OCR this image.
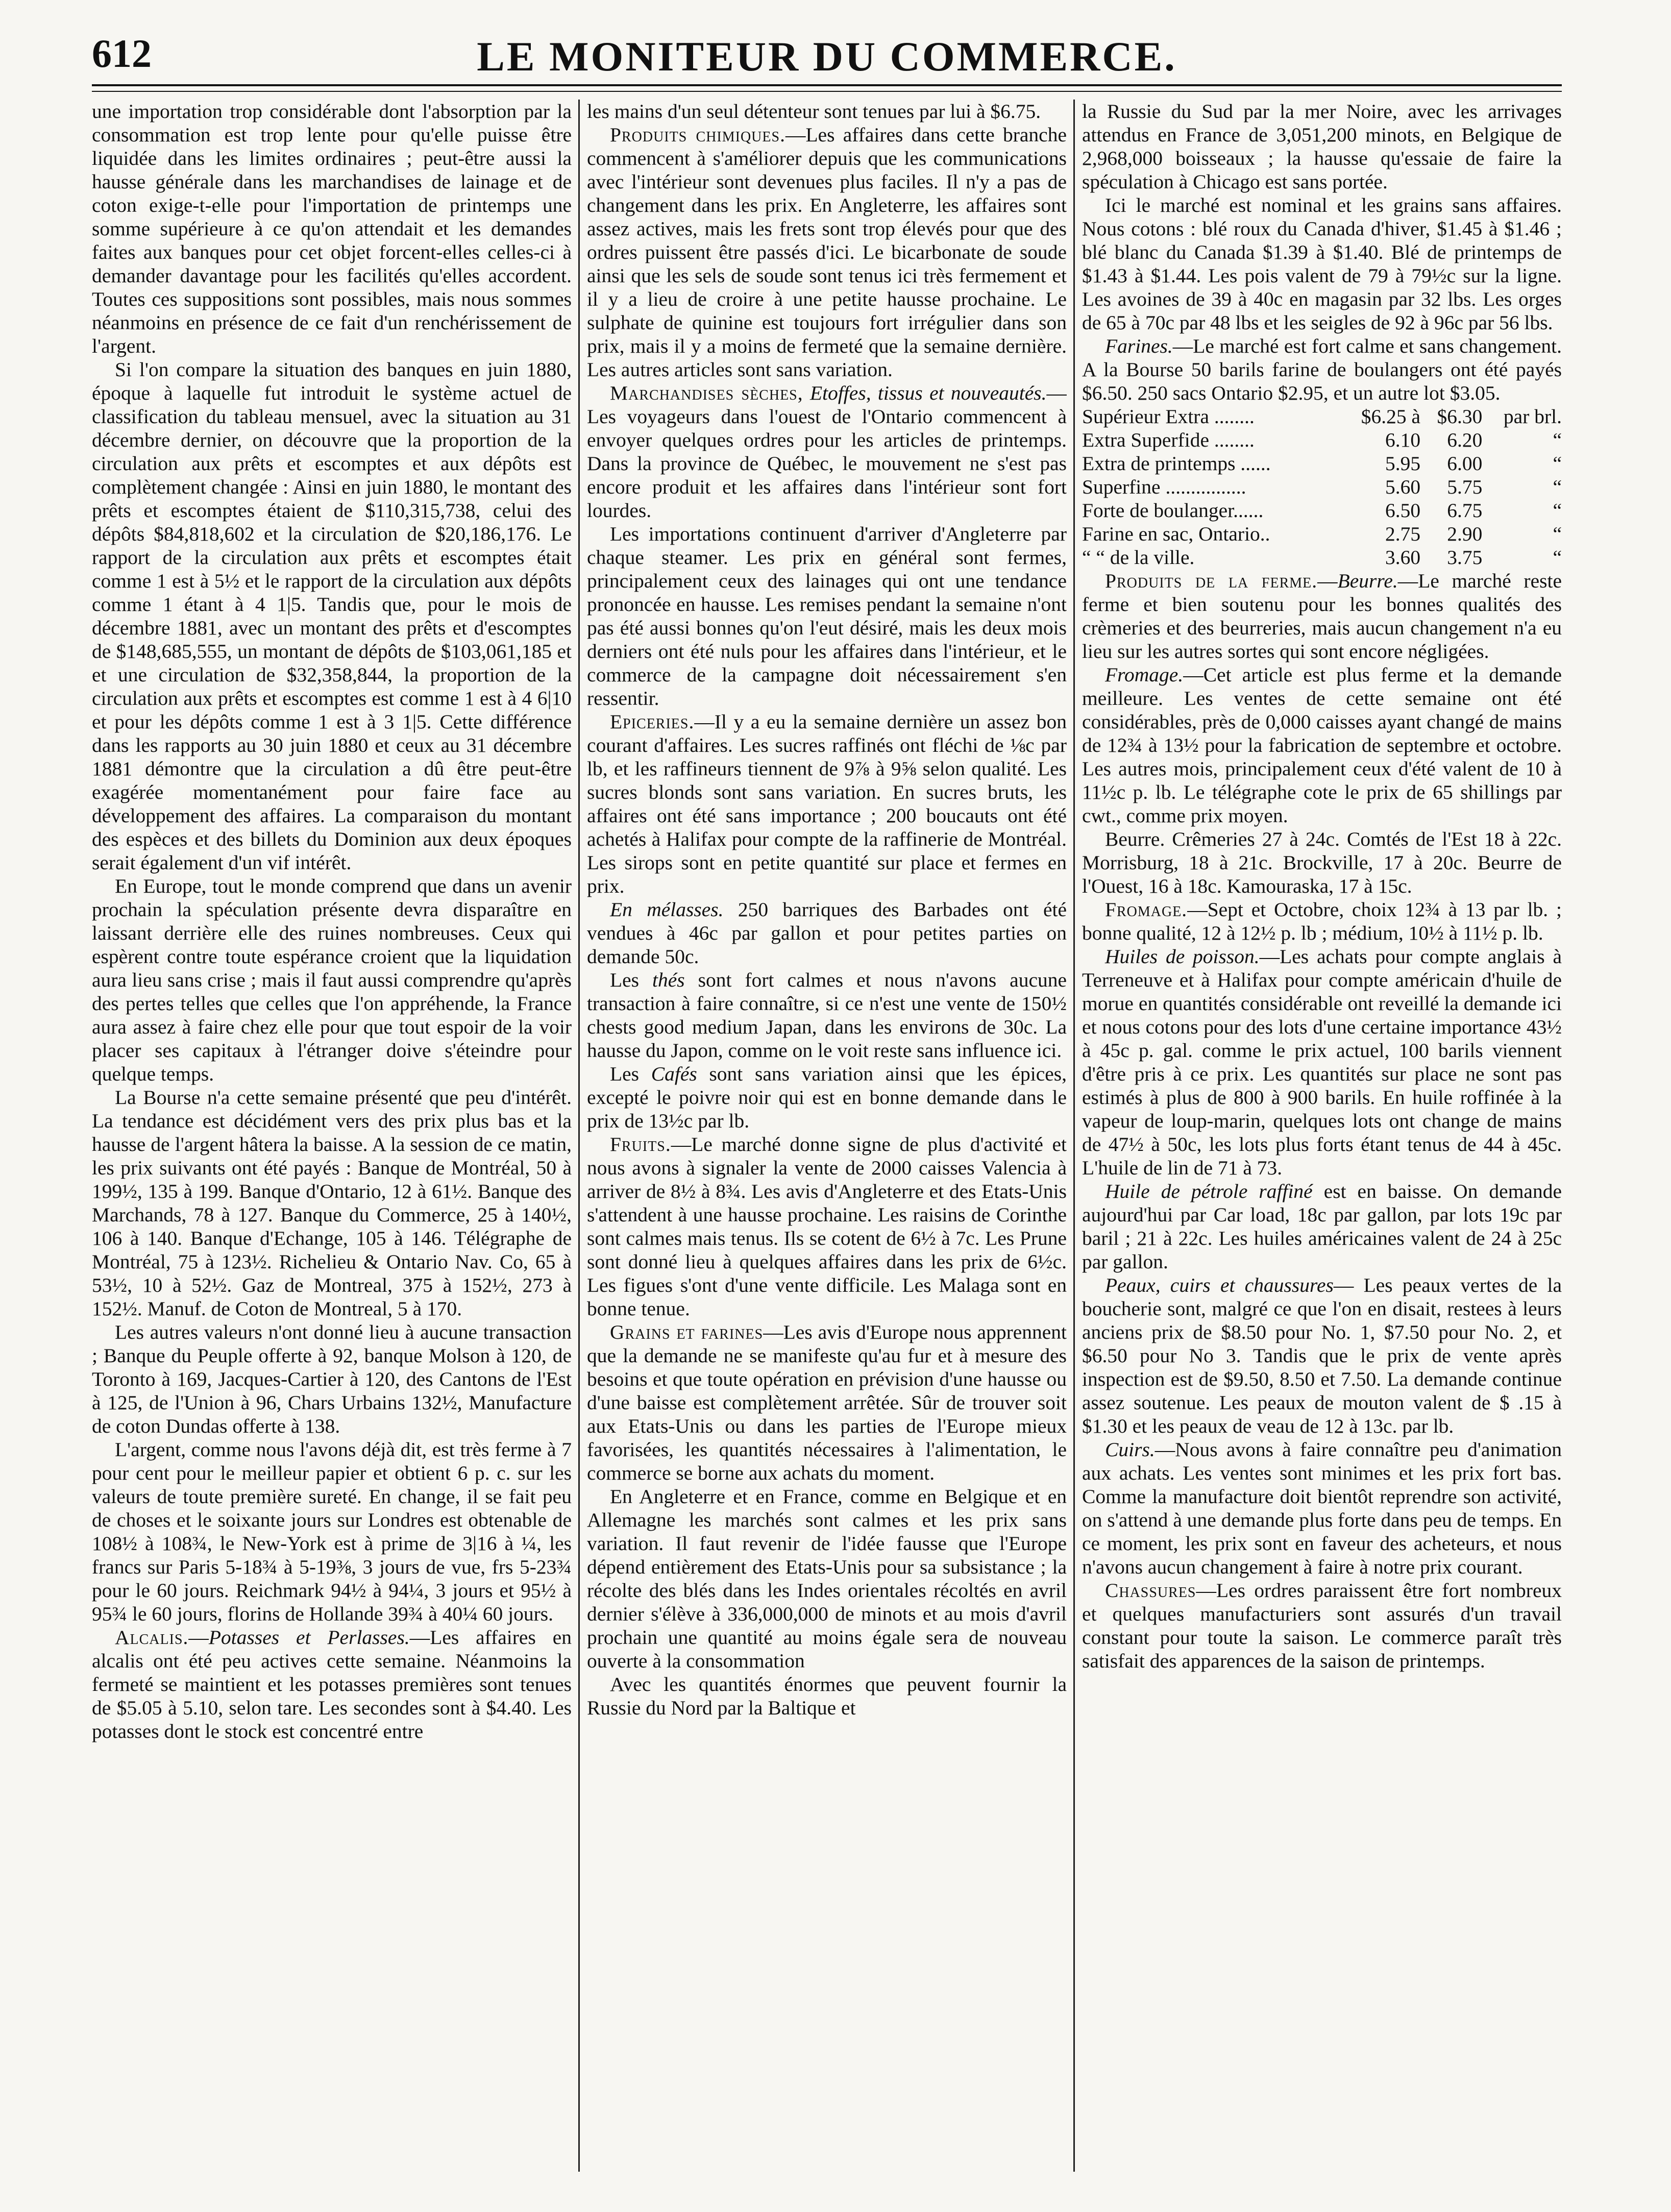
612	LE MONITEUR DU COMMERCE.

une importation trop considérable dont l'absorption par la consommation est trop lente pour qu'elle puisse être liquidée dans les limites ordinaires ; peut-être aussi la hausse générale dans les marchandises de lainage et de coton exige-t-elle pour l'importation de printemps une somme supérieure à ce qu'on attendait et les demandes faites aux banques pour cet objet forcent-elles celles-ci à demander davantage pour les facilités qu'elles accordent. Toutes ces suppositions sont possibles, mais nous sommes néanmoins en présence de ce fait d'un renchérissement de l'argent.

Si l'on compare la situation des banques en juin 1880, époque à laquelle fut introduit le système actuel de classification du tableau mensuel, avec la situation au 31 décembre dernier, on découvre que la proportion de la circulation aux prêts et escomptes et aux dépôts est complètement changée : Ainsi en juin 1880, le montant des prêts et escomptes étaient de $110,315,738, celui des dépôts $84,818,602 et la circulation de $20,186,176. Le rapport de la circulation aux prêts et escomptes était comme 1 est à 5½ et le rapport de la circulation aux dépôts comme 1 étant à 4 1|5. Tandis que, pour le mois de décembre 1881, avec un montant des prêts et d'escomptes de $148,685,555, un montant de dépôts de $103,061,185 et et une circulation de $32,358,844, la proportion de la circulation aux prêts et escomptes est comme 1 est à 4 6|10 et pour les dépôts comme 1 est à 3 1|5. Cette différence dans les rapports au 30 juin 1880 et ceux au 31 décembre 1881 démontre que la circulation a dû être peut-être exagérée momentanément pour faire face au développement des affaires. La comparaison du montant des espèces et des billets du Dominion aux deux époques serait également d'un vif intérêt.

En Europe, tout le monde comprend que dans un avenir prochain la spéculation présente devra disparaître en laissant derrière elle des ruines nombreuses. Ceux qui espèrent contre toute espérance croient que la liquidation aura lieu sans crise ; mais il faut aussi comprendre qu'après des pertes telles que celles que l'on appréhende, la France aura assez à faire chez elle pour que tout espoir de la voir placer ses capitaux à l'étranger doive s'éteindre pour quelque temps.

La Bourse n'a cette semaine présenté que peu d'intérêt. La tendance est décidément vers des prix plus bas et la hausse de l'argent hâtera la baisse. A la session de ce matin, les prix suivants ont été payés : Banque de Montréal, 50 à 199½, 135 à 199. Banque d'Ontario, 12 à 61½. Banque des Marchands, 78 à 127. Banque du Commerce, 25 à 140½, 106 à 140. Banque d'Echange, 105 à 146. Télégraphe de Montréal, 75 à 123½. Richelieu & Ontario Nav. Co, 65 à 53½, 10 à 52½. Gaz de Montreal, 375 à 152½, 273 à 152½. Manuf. de Coton de Montreal, 5 à 170.

Les autres valeurs n'ont donné lieu à aucune transaction ; Banque du Peuple offerte à 92, banque Molson à 120, de Toronto à 169, Jacques-Cartier à 120, des Cantons de l'Est à 125, de l'Union à 96, Chars Urbains 132½, Manufacture de coton Dundas offerte à 138.

L'argent, comme nous l'avons déjà dit, est très ferme à 7 pour cent pour le meilleur papier et obtient 6 p. c. sur les valeurs de toute première sureté. En change, il se fait peu de choses et le soixante jours sur Londres est obtenable de 108½ à 108¾, le New-York est à prime de 3|16 à ¼, les francs sur Paris 5-18¾ à 5-19⅜, 3 jours de vue, frs 5-23¾ pour le 60 jours. Reichmark 94½ à 94¼, 3 jours et 95½ à 95¾ le 60 jours, florins de Hollande 39¾ à 40¼ 60 jours.

Alcalis.—Potasses et Perlasses.—Les affaires en alcalis ont été peu actives cette semaine. Néanmoins la fermeté se maintient et les potasses premières sont tenues de $5.05 à 5.10, selon tare. Les secondes sont à $4.40. Les potasses dont le stock est concentré entre

les mains d'un seul détenteur sont tenues par lui à $6.75.

Produits chimiques.—Les affaires dans cette branche commencent à s'améliorer depuis que les communications avec l'intérieur sont devenues plus faciles. Il n'y a pas de changement dans les prix. En Angleterre, les affaires sont assez actives, mais les frets sont trop élevés pour que des ordres puissent être passés d'ici. Le bicarbonate de soude ainsi que les sels de soude sont tenus ici très fermement et il y a lieu de croire à une petite hausse prochaine. Le sulphate de quinine est toujours fort irrégulier dans son prix, mais il y a moins de fermeté que la semaine dernière. Les autres articles sont sans variation.

Marchandises sèches, Etoffes, tissus et nouveautés.—Les voyageurs dans l'ouest de l'Ontario commencent à envoyer quelques ordres pour les articles de printemps. Dans la province de Québec, le mouvement ne s'est pas encore produit et les affaires dans l'intérieur sont fort lourdes.

Les importations continuent d'arriver d'Angleterre par chaque steamer. Les prix en général sont fermes, principalement ceux des lainages qui ont une tendance prononcée en hausse. Les remises pendant la semaine n'ont pas été aussi bonnes qu'on l'eut désiré, mais les deux mois derniers ont été nuls pour les affaires dans l'intérieur, et le commerce de la campagne doit nécessairement s'en ressentir.

Epiceries.—Il y a eu la semaine dernière un assez bon courant d'affaires. Les sucres raffinés ont fléchi de ⅛c par lb, et les raffineurs tiennent de 9⅞ à 9⅝ selon qualité. Les sucres blonds sont sans variation. En sucres bruts, les affaires ont été sans importance ; 200 boucauts ont été achetés à Halifax pour compte de la raffinerie de Montréal. Les sirops sont en petite quantité sur place et fermes en prix.

En mélasses. 250 barriques des Barbades ont été vendues à 46c par gallon et pour petites parties on demande 50c.

Les thés sont fort calmes et nous n'avons aucune transaction à faire connaître, si ce n'est une vente de 150½ chests good medium Japan, dans les environs de 30c. La hausse du Japon, comme on le voit reste sans influence ici.

Les Cafés sont sans variation ainsi que les épices, excepté le poivre noir qui est en bonne demande dans le prix de 13½c par lb.

Fruits.—Le marché donne signe de plus d'activité et nous avons à signaler la vente de 2000 caisses Valencia à arriver de 8½ à 8¾. Les avis d'Angleterre et des Etats-Unis s'attendent à une hausse prochaine. Les raisins de Corinthe sont calmes mais tenus. Ils se cotent de 6½ à 7c. Les Prune sont donné lieu à quelques affaires dans les prix de 6½c. Les figues s'ont d'une vente difficile. Les Malaga sont en bonne tenue.

Grains et farines—Les avis d'Europe nous apprennent que la demande ne se manifeste qu'au fur et à mesure des besoins et que toute opération en prévision d'une hausse ou d'une baisse est complètement arrêtée. Sûr de trouver soit aux Etats-Unis ou dans les parties de l'Europe mieux favorisées, les quantités nécessaires à l'alimentation, le commerce se borne aux achats du moment.

En Angleterre et en France, comme en Belgique et en Allemagne les marchés sont calmes et les prix sans variation. Il faut revenir de l'idée fausse que l'Europe dépend entièrement des Etats-Unis pour sa subsistance ; la récolte des blés dans les Indes orientales récoltés en avril dernier s'élève à 336,000,000 de minots et au mois d'avril prochain une quantité au moins égale sera de nouveau ouverte à la consommation

Avec les quantités énormes que peuvent fournir la Russie du Nord par la Baltique et

la Russie du Sud par la mer Noire, avec les arrivages attendus en France de 3,051,200 minots, en Belgique de 2,968,000 boisseaux ; la hausse qu'essaie de faire la spéculation à Chicago est sans portée.

Ici le marché est nominal et les grains sans affaires. Nous cotons : blé roux du Canada d'hiver, $1.45 à $1.46 ; blé blanc du Canada $1.39 à $1.40. Blé de printemps de $1.43 à $1.44. Les pois valent de 79 à 79½c sur la ligne. Les avoines de 39 à 40c en magasin par 32 lbs. Les orges de 65 à 70c par 48 lbs et les seigles de 92 à 96c par 56 lbs.

Farines.—Le marché est fort calme et sans changement. A la Bourse 50 barils farine de boulangers ont été payés $6.50. 250 sacs Ontario $2.95, et un autre lot $3.05.

Supérieur Extra ........	$6.25 à	$6.30	par brl.
Extra Superfide ........	6.10	6.20	“
Extra de printemps ......	5.95	6.00	“
Superfine ................	5.60	5.75	“
Forte de boulanger......	6.50	6.75	“
Farine en sac, Ontario..	2.75	2.90	“
“ “ de la ville.	3.60	3.75	“

Produits de la ferme.—Beurre.—Le marché reste ferme et bien soutenu pour les bonnes qualités des crèmeries et des beurreries, mais aucun changement n'a eu lieu sur les autres sortes qui sont encore négligées.

Fromage.—Cet article est plus ferme et la demande meilleure. Les ventes de cette semaine ont été considérables, près de 0,000 caisses ayant changé de mains de 12¾ à 13½ pour la fabrication de septembre et octobre. Les autres mois, principalement ceux d'été valent de 10 à 11½c p. lb. Le télégraphe cote le prix de 65 shillings par cwt., comme prix moyen.

Beurre. Crêmeries 27 à 24c. Comtés de l'Est 18 à 22c. Morrisburg, 18 à 21c. Brockville, 17 à 20c. Beurre de l'Ouest, 16 à 18c. Kamouraska, 17 à 15c.

Fromage.—Sept et Octobre, choix 12¾ à 13 par lb. ; bonne qualité, 12 à 12½ p. lb ; médium, 10½ à 11½ p. lb.

Huiles de poisson.—Les achats pour compte anglais à Terreneuve et à Halifax pour compte américain d'huile de morue en quantités considérable ont reveillé la demande ici et nous cotons pour des lots d'une certaine importance 43½ à 45c p. gal. comme le prix actuel, 100 barils viennent d'être pris à ce prix. Les quantités sur place ne sont pas estimés à plus de 800 à 900 barils. En huile roffinée à la vapeur de loup-marin, quelques lots ont change de mains de 47½ à 50c, les lots plus forts étant tenus de 44 à 45c. L'huile de lin de 71 à 73.

Huile de pétrole raffiné est en baisse. On demande aujourd'hui par Car load, 18c par gallon, par lots 19c par baril ; 21 à 22c. Les huiles américaines valent de 24 à 25c par gallon.

Peaux, cuirs et chaussures— Les peaux vertes de la boucherie sont, malgré ce que l'on en disait, restees à leurs anciens prix de $8.50 pour No. 1, $7.50 pour No. 2, et $6.50 pour No 3. Tandis que le prix de vente après inspection est de $9.50, 8.50 et 7.50. La demande continue assez soutenue. Les peaux de mouton valent de $ .15 à $1.30 et les peaux de veau de 12 à 13c. par lb.

Cuirs.—Nous avons à faire connaître peu d'animation aux achats. Les ventes sont minimes et les prix fort bas. Comme la manufacture doit bientôt reprendre son activité, on s'attend à une demande plus forte dans peu de temps. En ce moment, les prix sont en faveur des acheteurs, et nous n'avons aucun changement à faire à notre prix courant.

Chassures—Les ordres paraissent être fort nombreux et quelques manufacturiers sont assurés d'un travail constant pour toute la saison. Le commerce paraît très satisfait des apparences de la saison de printemps.
